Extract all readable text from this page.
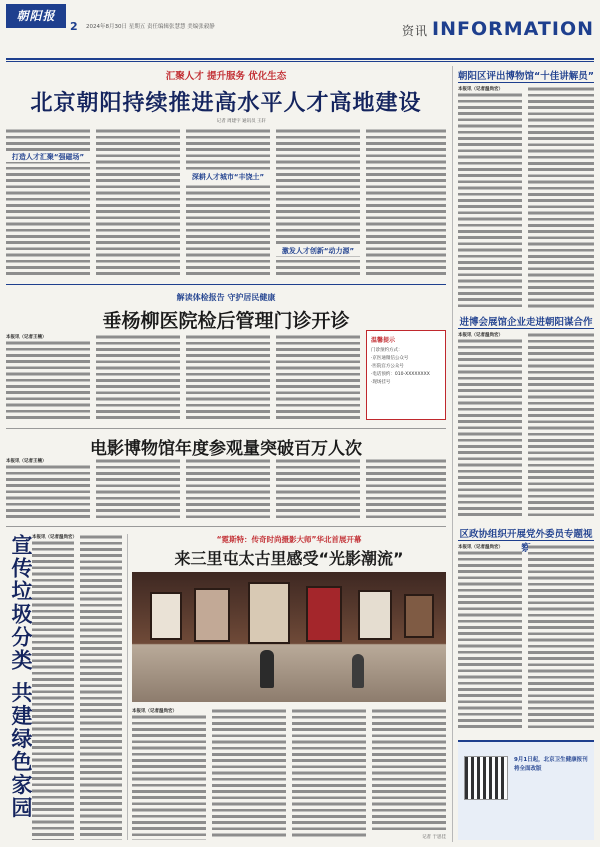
朝阳报
2 2024年8月30日 星期五 责任编辑张慧慧 美编张毅静	资讯 INFORMATION
汇聚人才 提升服务 优化生态
北京朝阳持续推进高水平人才高地建设
记者 周建宇 通讯员 王轩
打造人才汇聚“强磁场”
深耕人才城市“丰饶土”
激发人才创新“动力源”
解读体检报告 守护居民健康
垂杨柳医院检后管理门诊开诊
本报讯（记者王楠）	温馨提示
门诊预约方式：
·京医通微信公众号
·医院官方公众号
·电话预约：010-XXXXXXXX
·现场挂号
电影博物馆年度参观量突破百万人次
本报讯（记者王楠）
宣传垃圾分类 共建绿色家园 本报讯（记者温尚宏）	“霓斯特：传奇时尚摄影大师”华北首展开幕
来三里屯太古里感受“光影潮流”
本报讯（记者温尚宏）
记者 于思佳
朝阳区评出博物馆“十佳讲解员”
本报讯（记者温尚宏）
进博会展馆企业走进朝阳谋合作
本报讯（记者温尚宏）
区政协组织开展党外委员专题视察
本报讯（记者温尚宏）
9月1日起，北京卫生健康报刊将全面改版
